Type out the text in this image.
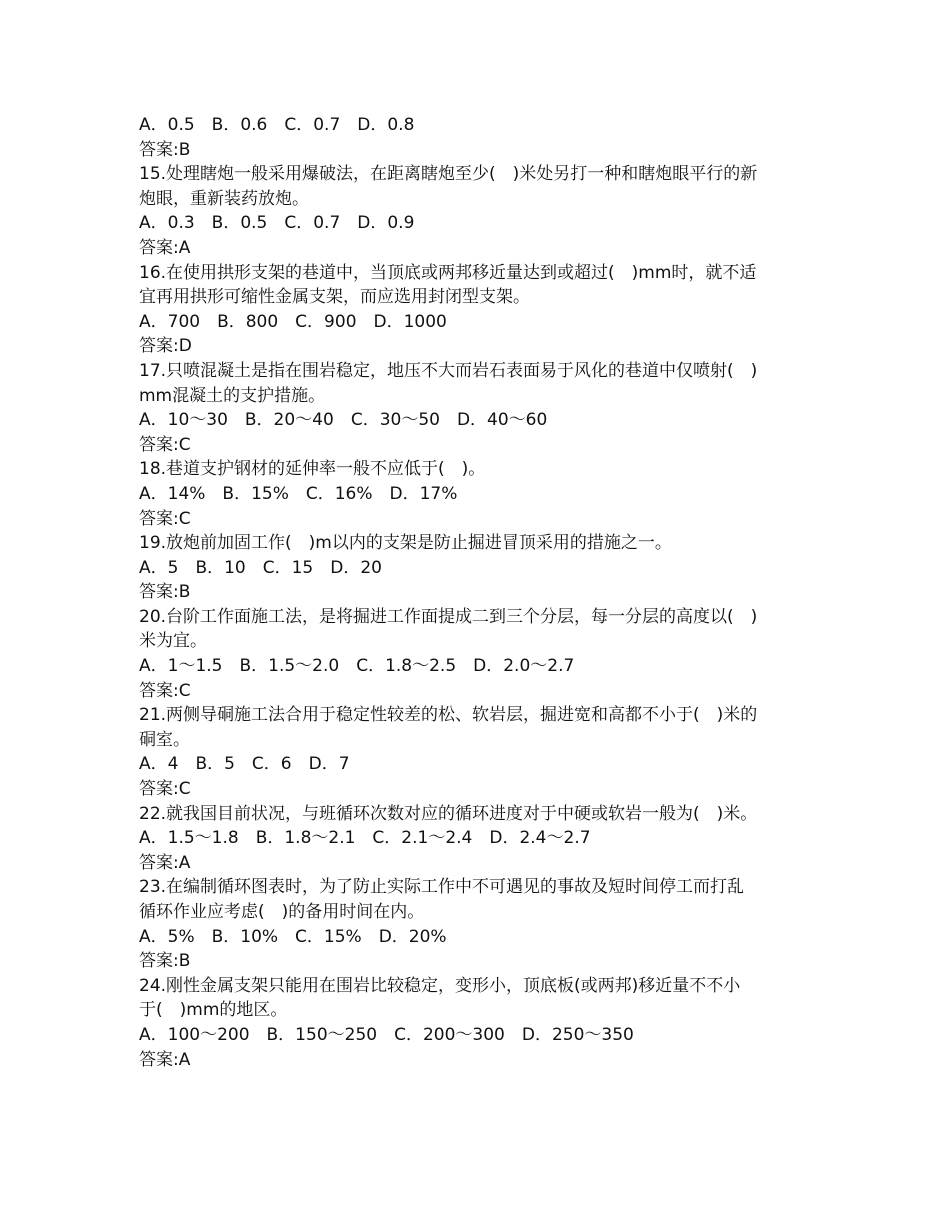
A．0.5　B．0.6　C．0.7　D．0.8
答案:B
15.处理瞎炮一般采用爆破法，在距离瞎炮至少(　)米处另打一种和瞎炮眼平行的新
炮眼，重新装药放炮。
A．0.3　B．0.5　C．0.7　D．0.9
答案:A
16.在使用拱形支架的巷道中，当顶底或两邦移近量达到或超过(　)mm时，就不适
宜再用拱形可缩性金属支架，而应选用封闭型支架。
A．700　B．800　C．900　D．1000
答案:D
17.只喷混凝土是指在围岩稳定，地压不大而岩石表面易于风化的巷道中仅喷射(　)
mm混凝土的支护措施。
A．10～30　B．20～40　C．30～50　D．40～60
答案:C
18.巷道支护钢材的延伸率一般不应低于(　)。
A．14%　B．15%　C．16%　D．17%
答案:C
19.放炮前加固工作(　)m以内的支架是防止掘进冒顶采用的措施之一。
A．5　B．10　C．15　D．20
答案:B
20.台阶工作面施工法，是将掘进工作面提成二到三个分层，每一分层的高度以(　)
米为宜。
A．1～1.5　B．1.5～2.0　C．1.8～2.5　D．2.0～2.7
答案:C
21.两侧导硐施工法合用于稳定性较差的松、软岩层，掘进宽和高都不小于(　)米的
硐室。
A．4　B．5　C．6　D．7
答案:C
22.就我国目前状况，与班循环次数对应的循环进度对于中硬或软岩一般为(　)米。
A．1.5～1.8　B．1.8～2.1　C．2.1～2.4　D．2.4～2.7
答案:A
23.在编制循环图表时，为了防止实际工作中不可遇见的事故及短时间停工而打乱
循环作业应考虑(　)的备用时间在内。
A．5%　B．10%　C．15%　D．20%
答案:B
24.刚性金属支架只能用在围岩比较稳定，变形小，顶底板(或两邦)移近量不不小
于(　)mm的地区。
A．100～200　B．150～250　C．200～300　D．250～350
答案:A
